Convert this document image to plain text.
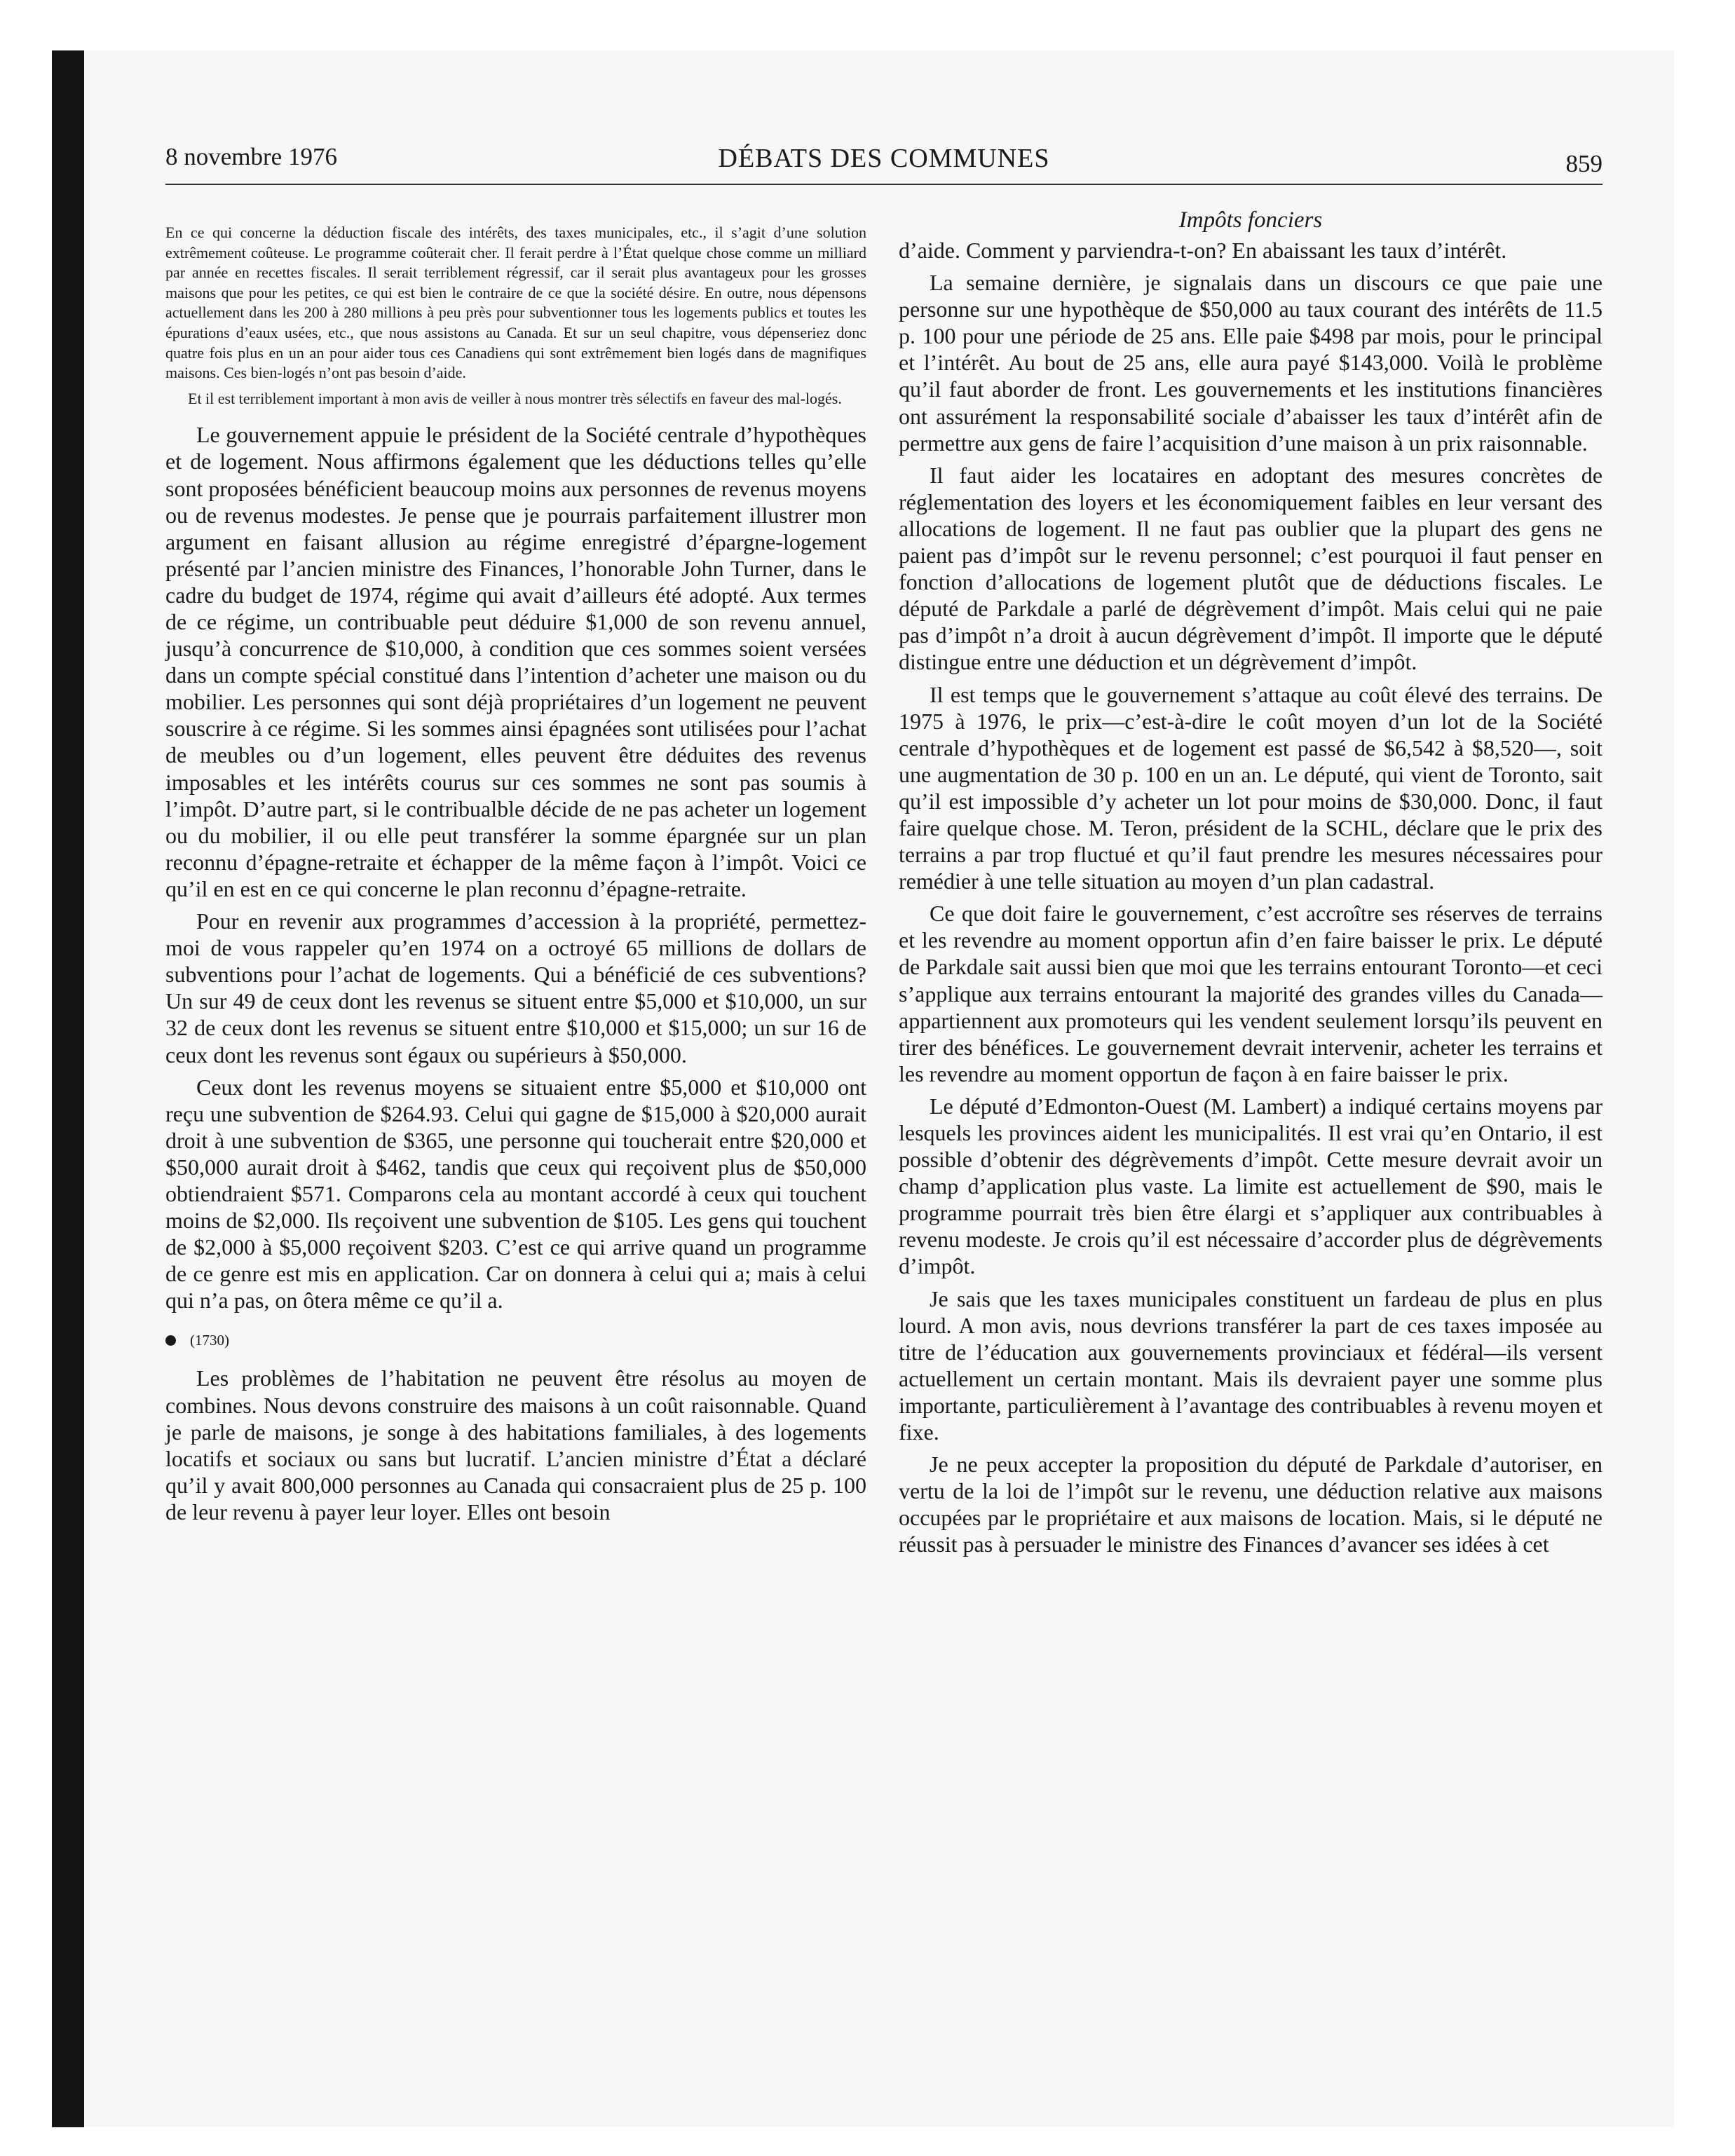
8 novembre 1976	DÉBATS DES COMMUNES	859

En ce qui concerne la déduction fiscale des intérêts, des taxes municipales, etc., il s’agit d’une solution extrêmement coûteuse. Le programme coûterait cher. Il ferait perdre à l’État quelque chose comme un milliard par année en recettes fiscales. Il serait terriblement régressif, car il serait plus avantageux pour les grosses maisons que pour les petites, ce qui est bien le contraire de ce que la société désire. En outre, nous dépensons actuellement dans les 200 à 280 millions à peu près pour subventionner tous les logements publics et toutes les épurations d’eaux usées, etc., que nous assistons au Canada. Et sur un seul chapitre, vous dépenseriez donc quatre fois plus en un an pour aider tous ces Canadiens qui sont extrêmement bien logés dans de magnifiques maisons. Ces bien-logés n’ont pas besoin d’aide.

Et il est terriblement important à mon avis de veiller à nous montrer très sélectifs en faveur des mal-logés.

Le gouvernement appuie le président de la Société centrale d’hypothèques et de logement. Nous affirmons également que les déductions telles qu’elle sont proposées bénéficient beaucoup moins aux personnes de revenus moyens ou de revenus modestes. Je pense que je pourrais parfaitement illustrer mon argument en faisant allusion au régime enregistré d’épargne-logement présenté par l’ancien ministre des Finances, l’honorable John Turner, dans le cadre du budget de 1974, régime qui avait d’ailleurs été adopté. Aux termes de ce régime, un contribuable peut déduire $1,000 de son revenu annuel, jusqu’à concurrence de $10,000, à condition que ces sommes soient versées dans un compte spécial constitué dans l’intention d’acheter une maison ou du mobilier. Les personnes qui sont déjà propriétaires d’un logement ne peuvent souscrire à ce régime. Si les sommes ainsi épagnées sont utilisées pour l’achat de meubles ou d’un logement, elles peuvent être déduites des revenus imposables et les intérêts courus sur ces sommes ne sont pas soumis à l’impôt. D’autre part, si le contribualble décide de ne pas acheter un logement ou du mobilier, il ou elle peut transférer la somme épargnée sur un plan reconnu d’épagne-retraite et échapper de la même façon à l’impôt. Voici ce qu’il en est en ce qui concerne le plan reconnu d’épagne-retraite.

Pour en revenir aux programmes d’accession à la propriété, permettez-moi de vous rappeler qu’en 1974 on a octroyé 65 millions de dollars de subventions pour l’achat de logements. Qui a bénéficié de ces subventions? Un sur 49 de ceux dont les revenus se situent entre $5,000 et $10,000, un sur 32 de ceux dont les revenus se situent entre $10,000 et $15,000; un sur 16 de ceux dont les revenus sont égaux ou supérieurs à $50,000.

Ceux dont les revenus moyens se situaient entre $5,000 et $10,000 ont reçu une subvention de $264.93. Celui qui gagne de $15,000 à $20,000 aurait droit à une subvention de $365, une personne qui toucherait entre $20,000 et $50,000 aurait droit à $462, tandis que ceux qui reçoivent plus de $50,000 obtiendraient $571. Comparons cela au montant accordé à ceux qui touchent moins de $2,000. Ils reçoivent une subvention de $105. Les gens qui touchent de $2,000 à $5,000 reçoivent $203. C’est ce qui arrive quand un programme de ce genre est mis en application. Car on donnera à celui qui a; mais à celui qui n’a pas, on ôtera même ce qu’il a.

(1730)

Les problèmes de l’habitation ne peuvent être résolus au moyen de combines. Nous devons construire des maisons à un coût raisonnable. Quand je parle de maisons, je songe à des habitations familiales, à des logements locatifs et sociaux ou sans but lucratif. L’ancien ministre d’État a déclaré qu’il y avait 800,000 personnes au Canada qui consacraient plus de 25 p. 100 de leur revenu à payer leur loyer. Elles ont besoin

Impôts fonciers

d’aide. Comment y parviendra-t-on? En abaissant les taux d’intérêt.

La semaine dernière, je signalais dans un discours ce que paie une personne sur une hypothèque de $50,000 au taux courant des intérêts de 11.5 p. 100 pour une période de 25 ans. Elle paie $498 par mois, pour le principal et l’intérêt. Au bout de 25 ans, elle aura payé $143,000. Voilà le problème qu’il faut aborder de front. Les gouvernements et les institutions financières ont assurément la responsabilité sociale d’abaisser les taux d’intérêt afin de permettre aux gens de faire l’acquisition d’une maison à un prix raisonnable.

Il faut aider les locataires en adoptant des mesures concrètes de réglementation des loyers et les économiquement faibles en leur versant des allocations de logement. Il ne faut pas oublier que la plupart des gens ne paient pas d’impôt sur le revenu personnel; c’est pourquoi il faut penser en fonction d’allocations de logement plutôt que de déductions fiscales. Le député de Parkdale a parlé de dégrèvement d’impôt. Mais celui qui ne paie pas d’impôt n’a droit à aucun dégrèvement d’impôt. Il importe que le député distingue entre une déduction et un dégrèvement d’impôt.

Il est temps que le gouvernement s’attaque au coût élevé des terrains. De 1975 à 1976, le prix—c’est-à-dire le coût moyen d’un lot de la Société centrale d’hypothèques et de logement est passé de $6,542 à $8,520—, soit une augmentation de 30 p. 100 en un an. Le député, qui vient de Toronto, sait qu’il est impossible d’y acheter un lot pour moins de $30,000. Donc, il faut faire quelque chose. M. Teron, président de la SCHL, déclare que le prix des terrains a par trop fluctué et qu’il faut prendre les mesures nécessaires pour remédier à une telle situation au moyen d’un plan cadastral.

Ce que doit faire le gouvernement, c’est accroître ses réserves de terrains et les revendre au moment opportun afin d’en faire baisser le prix. Le député de Parkdale sait aussi bien que moi que les terrains entourant Toronto—et ceci s’applique aux terrains entourant la majorité des grandes villes du Canada—appartiennent aux promoteurs qui les vendent seulement lorsqu’ils peuvent en tirer des bénéfices. Le gouvernement devrait intervenir, acheter les terrains et les revendre au moment opportun de façon à en faire baisser le prix.

Le député d’Edmonton-Ouest (M. Lambert) a indiqué certains moyens par lesquels les provinces aident les municipalités. Il est vrai qu’en Ontario, il est possible d’obtenir des dégrèvements d’impôt. Cette mesure devrait avoir un champ d’application plus vaste. La limite est actuellement de $90, mais le programme pourrait très bien être élargi et s’appliquer aux contribuables à revenu modeste. Je crois qu’il est nécessaire d’accorder plus de dégrèvements d’impôt.

Je sais que les taxes municipales constituent un fardeau de plus en plus lourd. A mon avis, nous devrions transférer la part de ces taxes imposée au titre de l’éducation aux gouvernements provinciaux et fédéral—ils versent actuellement un certain montant. Mais ils devraient payer une somme plus importante, particulièrement à l’avantage des contribuables à revenu moyen et fixe.

Je ne peux accepter la proposition du député de Parkdale d’autoriser, en vertu de la loi de l’impôt sur le revenu, une déduction relative aux maisons occupées par le propriétaire et aux maisons de location. Mais, si le député ne réussit pas à persuader le ministre des Finances d’avancer ses idées à cet
